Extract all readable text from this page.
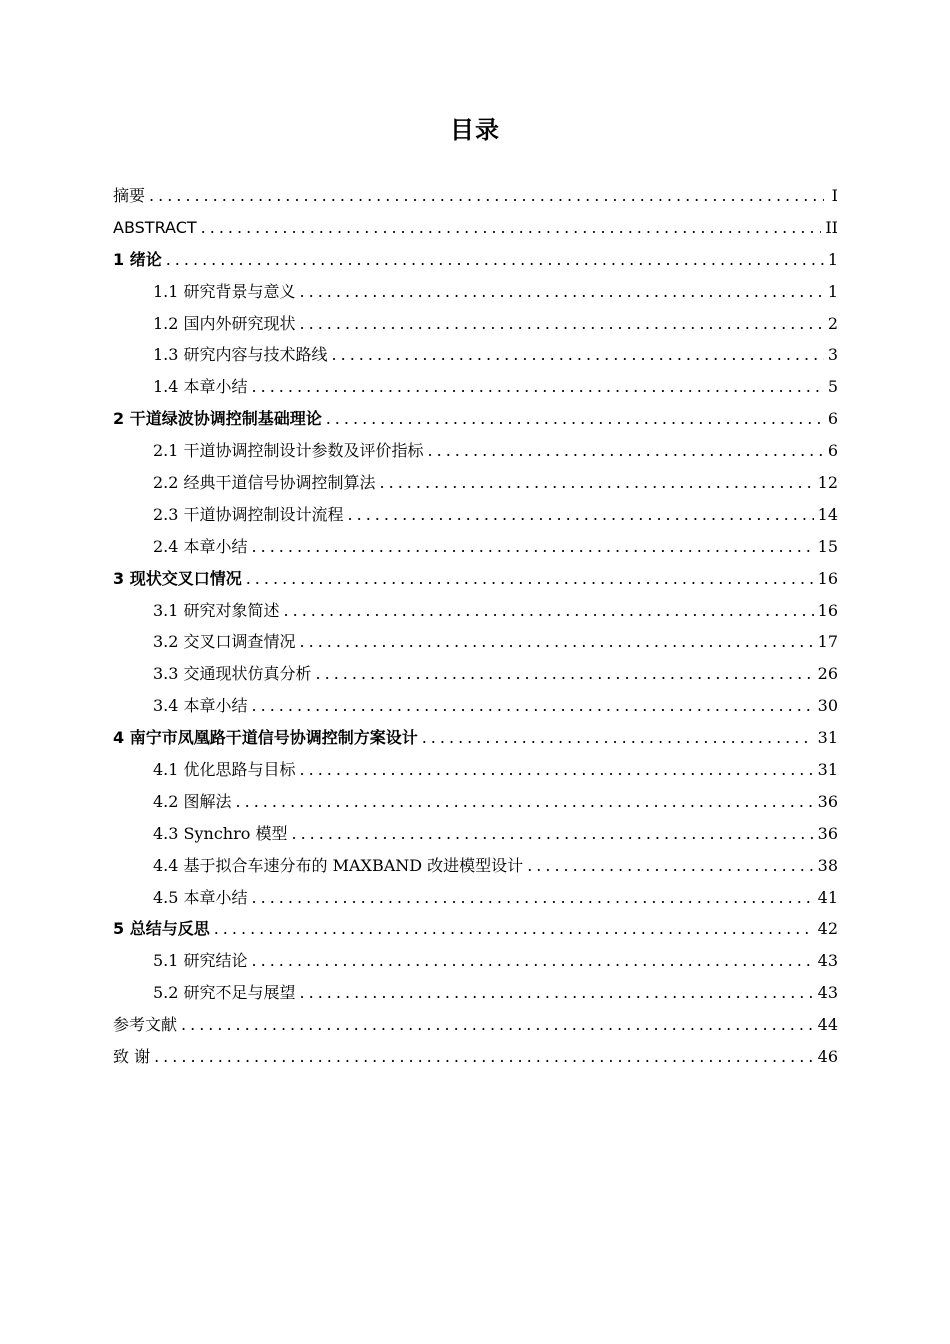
目录
摘要 .....	I
ABSTRACT .....	II
1 绪论 .....	1
1.1 研究背景与意义 .....	1
1.2 国内外研究现状 .....	2
1.3 研究内容与技术路线 .....	3
1.4 本章小结 .....	5
2 干道绿波协调控制基础理论 .....	6
2.1 干道协调控制设计参数及评价指标 .....	6
2.2 经典干道信号协调控制算法 .....	12
2.3 干道协调控制设计流程 .....	14
2.4 本章小结 .....	15
3 现状交叉口情况 .....	16
3.1 研究对象简述 .....	16
3.2 交叉口调查情况 .....	17
3.3 交通现状仿真分析 .....	26
3.4 本章小结 .....	30
4 南宁市凤凰路干道信号协调控制方案设计 .....	31
4.1 优化思路与目标 .....	31
4.2 图解法 .....	36
4.3 Synchro 模型 .....	36
4.4 基于拟合车速分布的 MAXBAND 改进模型设计 .....	38
4.5 本章小结 .....	41
5 总结与反思 .....	42
5.1 研究结论 .....	43
5.2 研究不足与展望 .....	43
参考文献 .....	44
致 谢 .....	46
